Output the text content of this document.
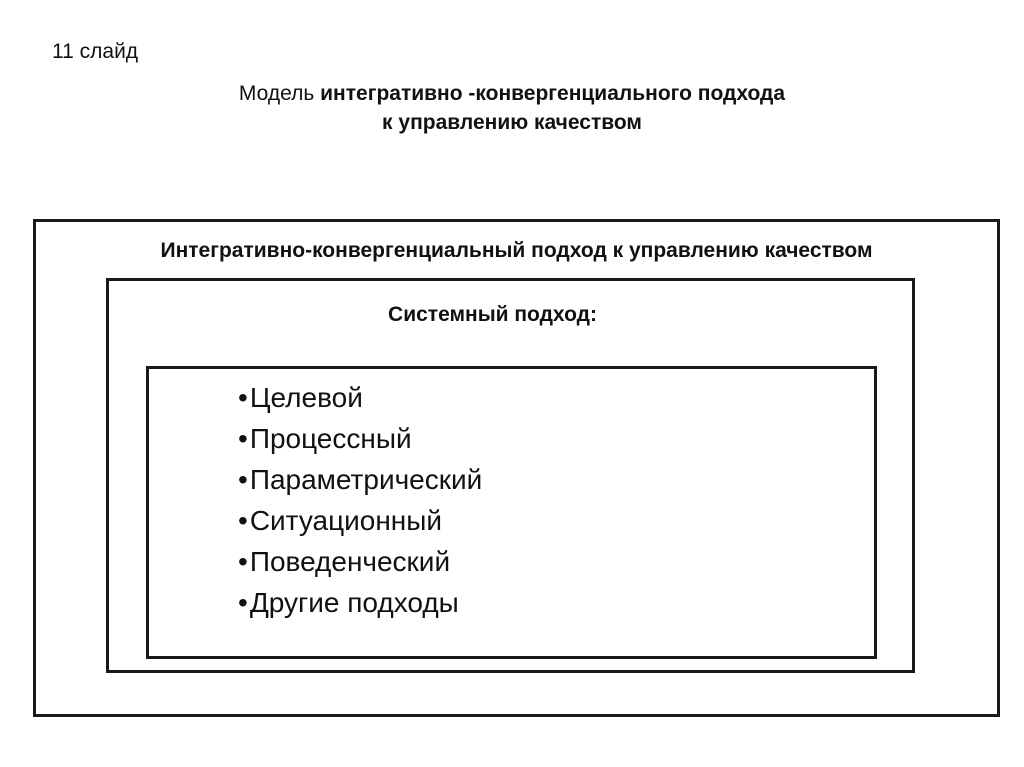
11 слайд
Модель интегративно -конвергенциального подхода
к управлению качеством
Интегративно-конвергенциальный подход к управлению качеством
Системный подход:
•Целевой
•Процессный
•Параметрический
•Ситуационный
•Поведенческий
•Другие подходы
